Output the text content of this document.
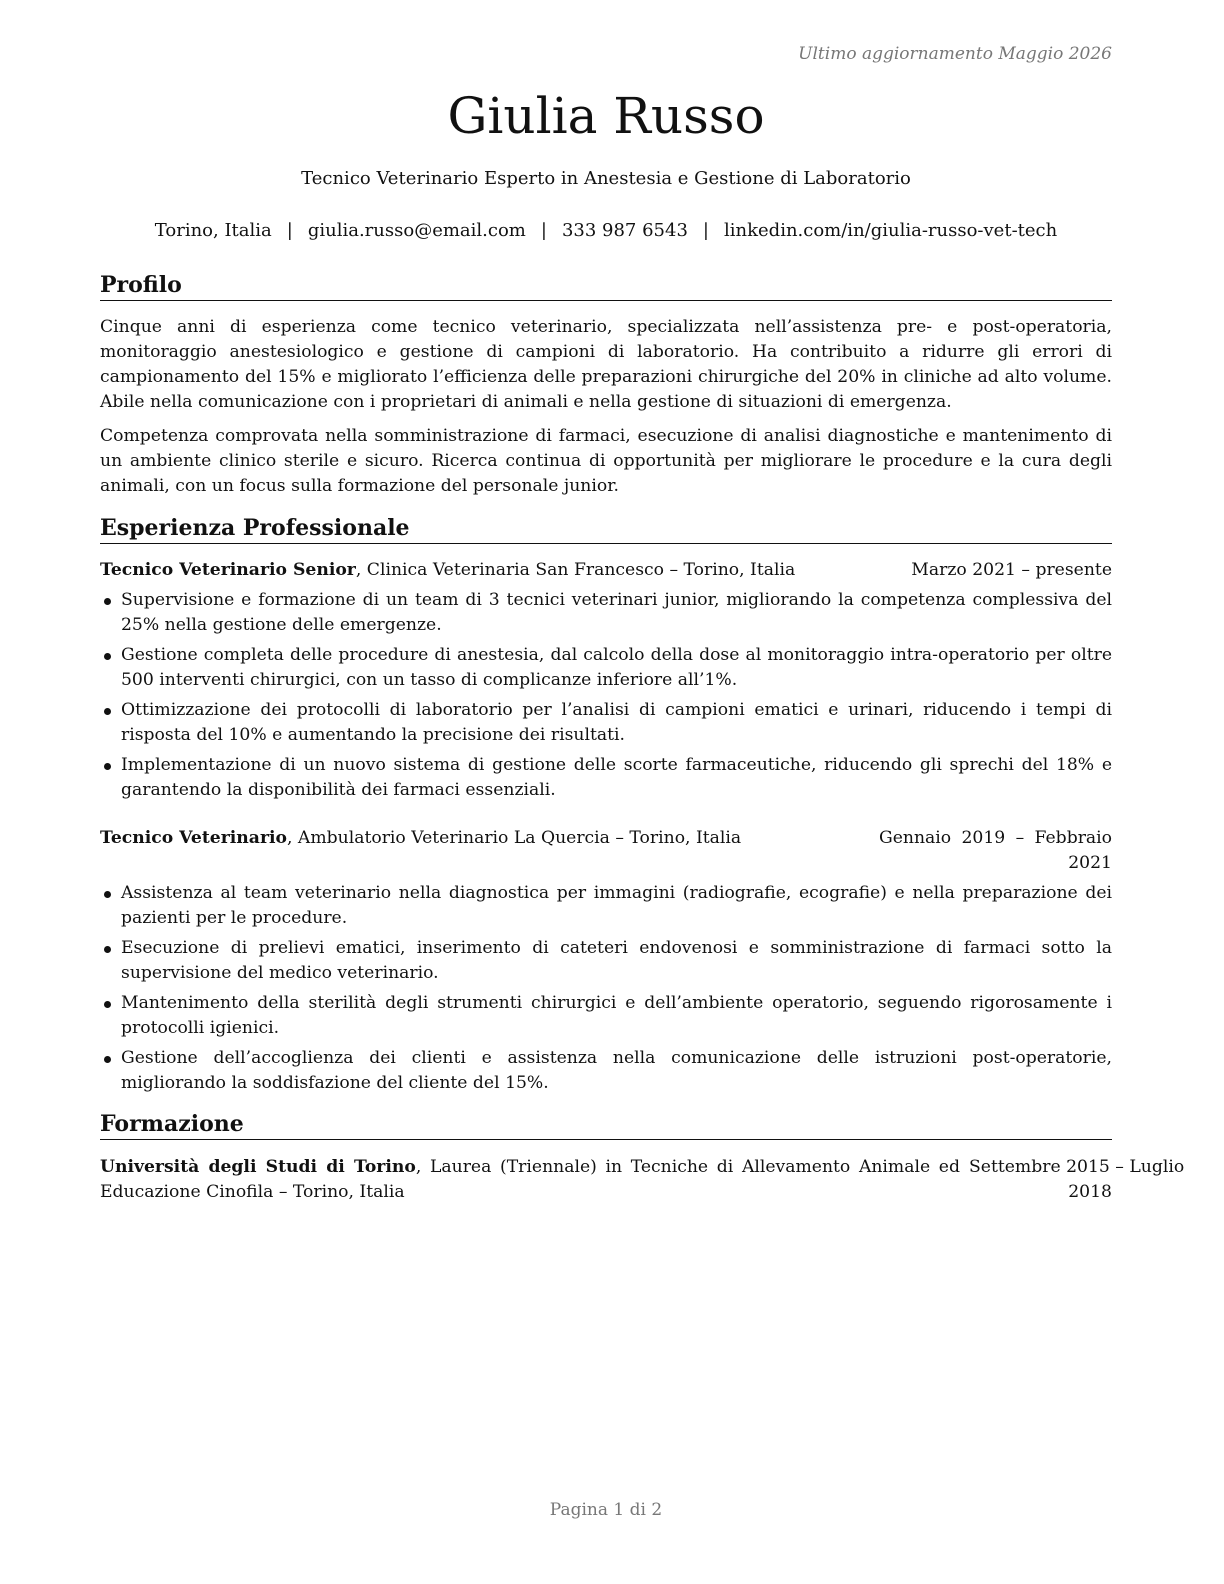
Ultimo aggiornamento Maggio 2026
Giulia Russo
Tecnico Veterinario Esperto in Anestesia e Gestione di Laboratorio
Torino, Italia | giulia.russo@email.com | 333 987 6543 | linkedin.com/in/giulia-russo-vet-tech
Profilo

Cinque anni di esperienza come tecnico veterinario, specializzata nell’assistenza pre- e post-operatoria, monitoraggio anestesiologico e gestione di campioni di laboratorio. Ha contribuito a ridurre gli errori di campionamento del 15% e migliorato l’efficienza delle preparazioni chirurgiche del 20% in cliniche ad alto volume. Abile nella comunicazione con i proprietari di animali e nella gestione di situazioni di emergenza.

Competenza comprovata nella somministrazione di farmaci, esecuzione di analisi diagnostiche e mantenimento di un ambiente clinico sterile e sicuro. Ricerca continua di opportunità per migliorare le procedure e la cura degli animali, con un focus sulla formazione del personale junior.

Esperienza Professionale
Tecnico Veterinario Senior, Clinica Veterinaria San Francesco – Torino, Italia	Marzo 2021 – presente
Supervisione e formazione di un team di 3 tecnici veterinari junior, migliorando la competenza complessiva del 25% nella gestione delle emergenze.
Gestione completa delle procedure di anestesia, dal calcolo della dose al monitoraggio intra-operatorio per oltre 500 interventi chirurgici, con un tasso di complicanze inferiore all’1%.
Ottimizzazione dei protocolli di laboratorio per l’analisi di campioni ematici e urinari, riducendo i tempi di risposta del 10% e aumentando la precisione dei risultati.
Implementazione di un nuovo sistema di gestione delle scorte farmaceutiche, riducendo gli sprechi del 18% e garantendo la disponibilità dei farmaci essenziali.
Tecnico Veterinario, Ambulatorio Veterinario La Quercia – Torino, Italia	Gennaio 2019 – Febbraio
2021
Assistenza al team veterinario nella diagnostica per immagini (radiografie, ecografie) e nella preparazione dei pazienti per le procedure.
Esecuzione di prelievi ematici, inserimento di cateteri endovenosi e somministrazione di farmaci sotto la supervisione del medico veterinario.
Mantenimento della sterilità degli strumenti chirurgici e dell’ambiente operatorio, seguendo rigorosamente i protocolli igienici.
Gestione dell’accoglienza dei clienti e assistenza nella comunicazione delle istruzioni post-operatorie, migliorando la soddisfazione del cliente del 15%.
Formazione
Università degli Studi di Torino, Laurea (Triennale) in Tecniche di Allevamento Animale ed Educazione Cinofila – Torino, Italia
Settembre 2015 – Luglio
2018
Pagina 1 di 2
